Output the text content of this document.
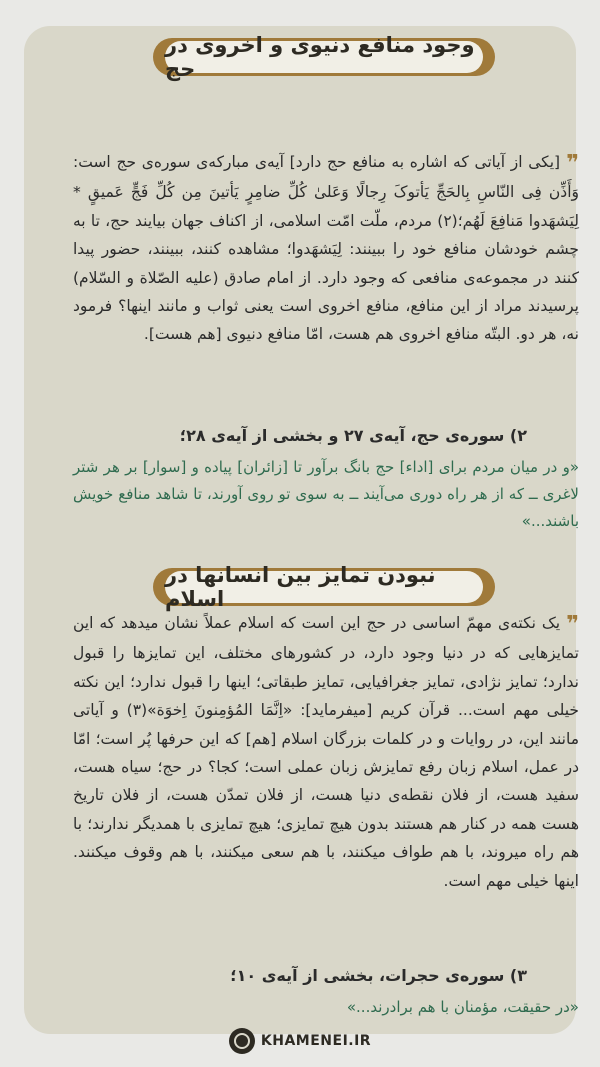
وجود منافع دنیوی و اخروی در حج
❞[یکی از آیاتی که اشاره به منافع حج دارد] آیه‌ی مبارکه‌ی سوره‌ی حج است: وَأَذِّن فِی النّاسِ بِالحَجِّ یَأتوکَ رِجالًا وَعَلیٰ کُلِّ ضامِرٍ یَأتینَ مِن کُلِّ فَجٍّ عَمیقٍ * لِیَشهَدوا مَنافِعَ لَهُم؛(۲) مردم، ملّت امّت اسلامی، از اکناف جهان بیایند حج، تا به چشم خودشان منافع خود را ببینند: لِیَشهَدوا؛ مشاهده کنند، ببینند، حضور پیدا کنند در مجموعه‌ی منافعی که وجود دارد. از امام صادق (علیه الصّلاة و السّلام) پرسیدند مراد از این منافع، منافع اخروی است یعنی ثواب و مانند اینها؟ فرمود نه، هر دو. البتّه منافع اخروی هم هست، امّا منافع دنیوی [هم هست].
۲) سوره‌ی حج، آیه‌ی ۲۷ و بخشی از آیه‌ی ۲۸؛
«و در میان مردم برای [اداء] حج بانگ برآور تا [زائران] پیاده و [سوار] بر هر شتر لاغری ــ که از هر راه دوری می‌آیند ــ به سوی تو روی آورند، تا شاهد منافع خویش باشند...»
نبودن تمایز بین انسانها در اسلام
❞یک نکته‌ی مهمّ اساسی در حج این است که اسلام عملاً نشان میدهد که این تمایزهایی که در دنیا وجود دارد، در کشورهای مختلف، این تمایزها را قبول ندارد؛ تمایز نژادی، تمایز جغرافیایی، تمایز طبقاتی؛ اینها را قبول ندارد؛ این نکته خیلی مهم است... قرآن کریم [میفرماید]: «اِنَّمَا المُؤمِنونَ اِخوَة»(۳) و آیاتی مانند این، در روایات و در کلمات بزرگان اسلام [هم] که این حرفها پُر است؛ امّا در عمل، اسلام زبان رفع تمایزش زبان عملی است؛ کجا؟ در حج؛ سیاه هست، سفید هست، از فلان نقطه‌ی دنیا هست، از فلان تمدّن هست، از فلان تاریخ هست همه در کنار هم هستند بدون هیچ تمایزی؛ هیچ تمایزی با همدیگر ندارند؛ با هم راه میروند، با هم طواف میکنند، با هم سعی میکنند، با هم وقوف میکنند. اینها خیلی مهم است.
۳) سوره‌ی حجرات، بخشی از آیه‌ی ۱۰؛
«در حقیقت، مؤمنان با هم برادرند...»
KHAMENEI.IR
